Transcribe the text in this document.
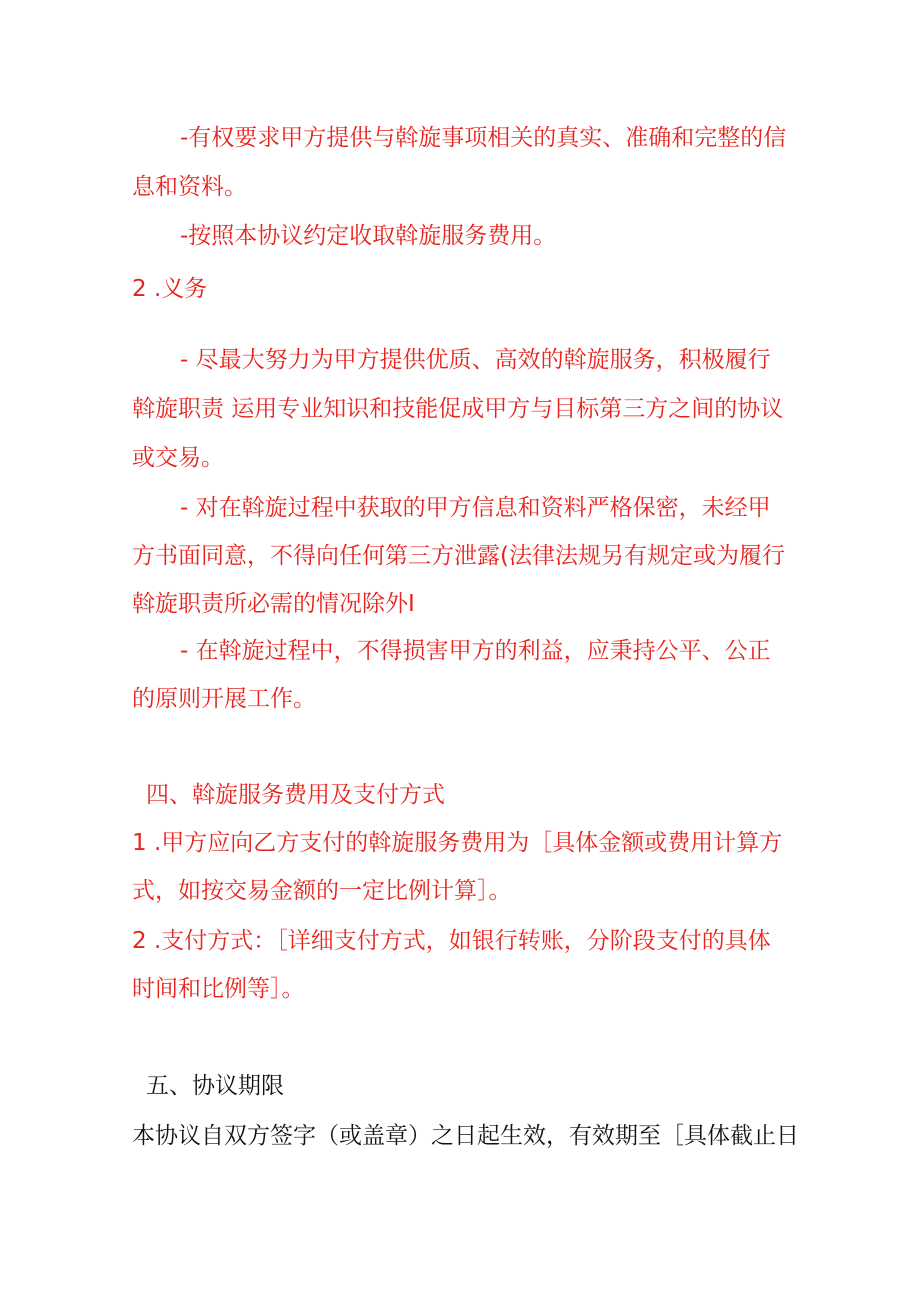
-有权要求甲方提供与斡旋事项相关的真实、准确和完整的信
息和资料。
-按照本协议约定收取斡旋服务费用。
2 .义务
- 尽最大努力为甲方提供优质、高效的斡旋服务，积极履行
斡旋职责 运用专业知识和技能促成甲方与目标第三方之间的协议
或交易。
- 对在斡旋过程中获取的甲方信息和资料严格保密，未经甲
方书面同意，不得向任何第三方泄露(法律法规另有规定或为履行
斡旋职责所必需的情况除外I
- 在斡旋过程中，不得损害甲方的利益，应秉持公平、公正
的原则开展工作。
四、斡旋服务费用及支付方式
1 .甲方应向乙方支付的斡旋服务费用为［具体金额或费用计算方
式，如按交易金额的一定比例计算］。
2 .支付方式：［详细支付方式，如银行转账，分阶段支付的具体
时间和比例等］。
五、协议期限
本协议自双方签字（或盖章）之日起生效，有效期至［具体截止日
